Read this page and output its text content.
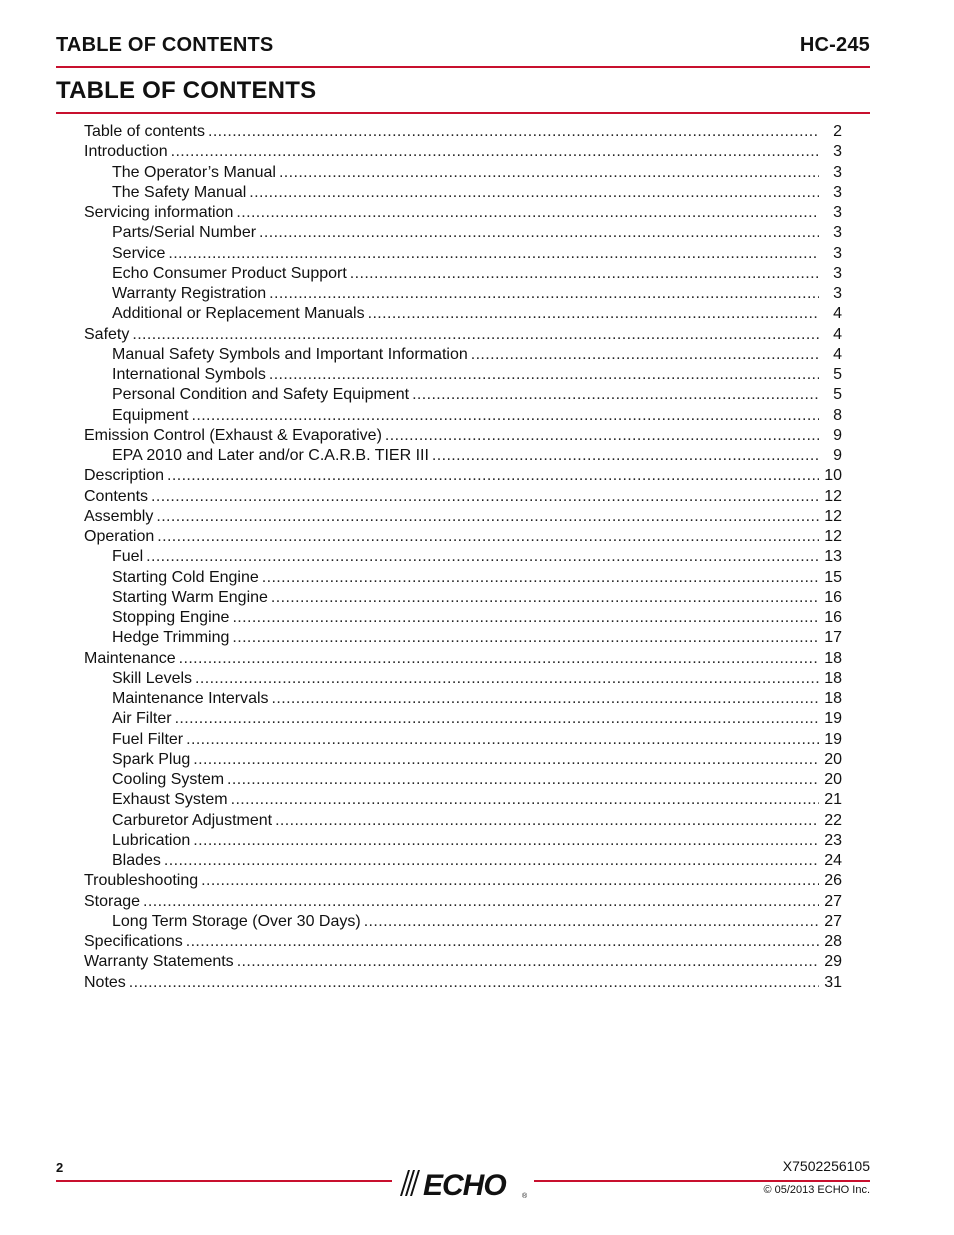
TABLE OF CONTENTS	HC-245
TABLE OF CONTENTS
Table of contents .....	2
Introduction .....	3
The Operator’s Manual .....	3
The Safety Manual .....	3
Servicing information .....	3
Parts/Serial Number .....	3
Service .....	3
Echo Consumer Product Support .....	3
Warranty Registration .....	3
Additional or Replacement Manuals .....	4
Safety .....	4
Manual Safety Symbols and Important Information .....	4
International Symbols .....	5
Personal Condition and Safety Equipment .....	5
Equipment .....	8
Emission Control (Exhaust & Evaporative) .....	9
EPA 2010 and Later and/or C.A.R.B. TIER III .....	9
Description .....	10
Contents .....	12
Assembly .....	12
Operation .....	12
Fuel .....	13
Starting Cold Engine .....	15
Starting Warm Engine .....	16
Stopping Engine .....	16
Hedge Trimming .....	17
Maintenance .....	18
Skill Levels .....	18
Maintenance Intervals .....	18
Air Filter .....	19
Fuel Filter .....	19
Spark Plug .....	20
Cooling System .....	20
Exhaust System .....	21
Carburetor Adjustment .....	22
Lubrication .....	23
Blades .....	24
Troubleshooting .....	26
Storage .....	27
Long Term Storage (Over 30 Days) .....	27
Specifications .....	28
Warranty Statements .....	29
Notes .....	31
2
ECHO ®
X7502256105
© 05/2013 ECHO Inc.
